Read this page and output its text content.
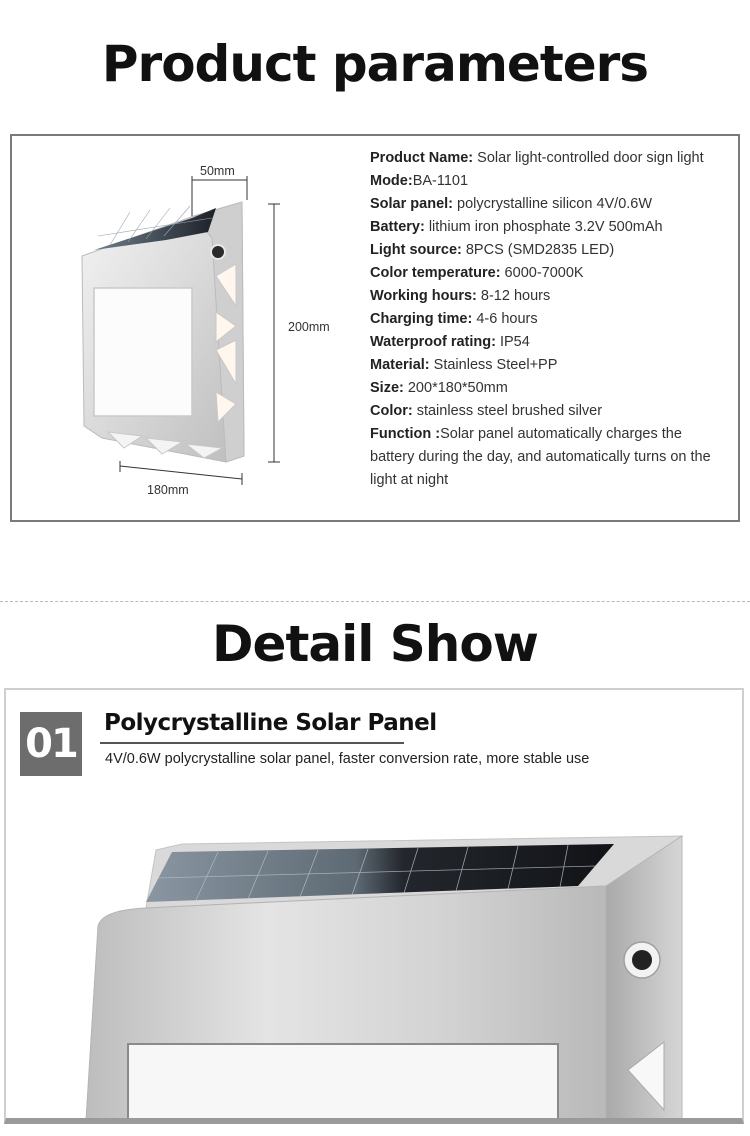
Product parameters
50mm
200mm
180mm

Product Name: Solar light-controlled door sign light

Mode:BA-1101

Solar panel: polycrystalline silicon 4V/0.6W

Battery: lithium iron phosphate 3.2V 500mAh

Light source: 8PCS (SMD2835 LED)

Color temperature: 6000-7000K

Working hours: 8-12 hours

Charging time: 4-6 hours

Waterproof rating: IP54

Material: Stainless Steel+PP

Size: 200*180*50mm

Color: stainless steel brushed silver

Function :Solar panel automatically charges the battery during the day, and automatically turns on the light at night

Detail Show
01 Polycrystalline Solar Panel
4V/0.6W polycrystalline solar panel, faster conversion rate, more stable use
